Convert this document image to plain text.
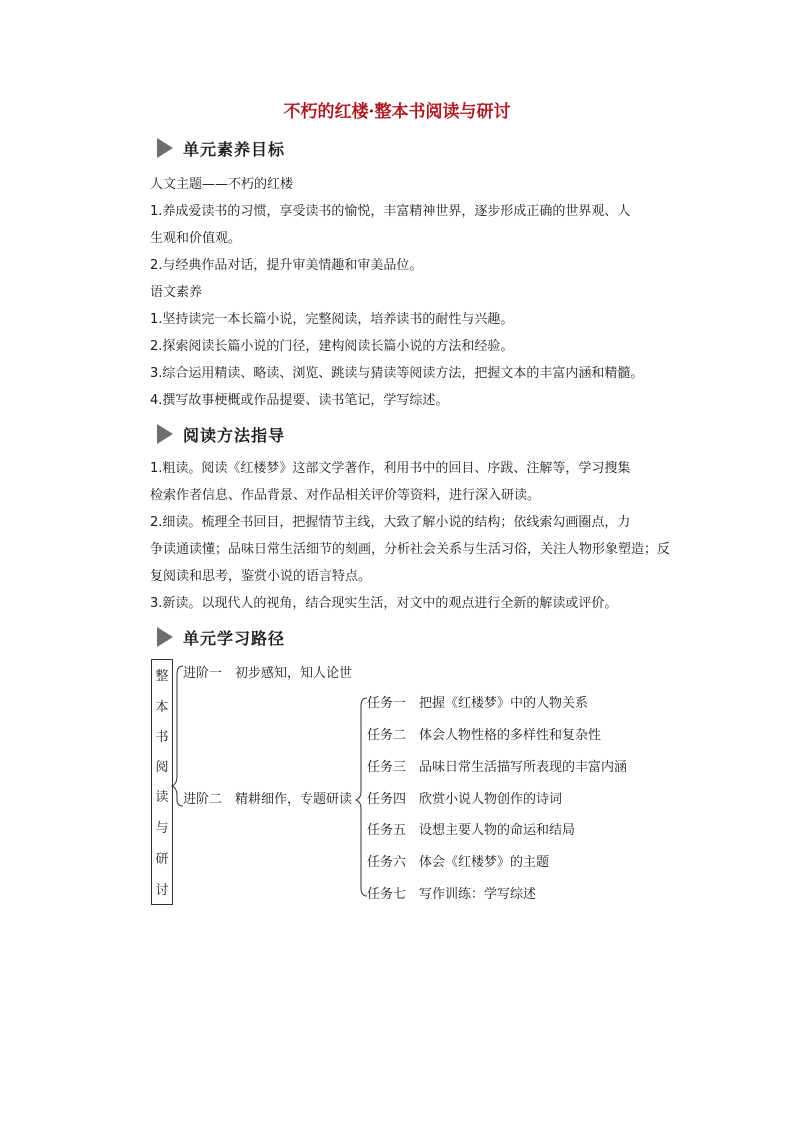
不朽的红楼·整本书阅读与研讨
单元素养目标
人文主题——不朽的红楼
1.养成爱读书的习惯，享受读书的愉悦，丰富精神世界，逐步形成正确的世界观、人
生观和价值观。
2.与经典作品对话，提升审美情趣和审美品位。
语文素养
1.坚持读完一本长篇小说，完整阅读，培养读书的耐性与兴趣。
2.探索阅读长篇小说的门径，建构阅读长篇小说的方法和经验。
3.综合运用精读、略读、浏览、跳读与猜读等阅读方法，把握文本的丰富内涵和精髓。
4.撰写故事梗概或作品提要、读书笔记，学写综述。
阅读方法指导
1.粗读。阅读《红楼梦》这部文学著作，利用书中的回目、序跋、注解等，学习搜集
检索作者信息、作品背景、对作品相关评价等资料，进行深入研读。
2.细读。梳理全书回目，把握情节主线，大致了解小说的结构；依线索勾画圈点，力
争读通读懂；品味日常生活细节的刻画，分析社会关系与生活习俗，关注人物形象塑造；反
复阅读和思考，鉴赏小说的语言特点。
3.新读。以现代人的视角，结合现实生活，对文中的观点进行全新的解读或评价。
单元学习路径
整
本
书
阅
读
与
研
讨
进阶一　初步感知，知人论世
进阶二　精耕细作，专题研读
任务一　把握《红楼梦》中的人物关系
任务二　体会人物性格的多样性和复杂性
任务三　品味日常生活描写所表现的丰富内涵
任务四　欣赏小说人物创作的诗词
任务五　设想主要人物的命运和结局
任务六　体会《红楼梦》的主题
任务七　写作训练：学写综述
